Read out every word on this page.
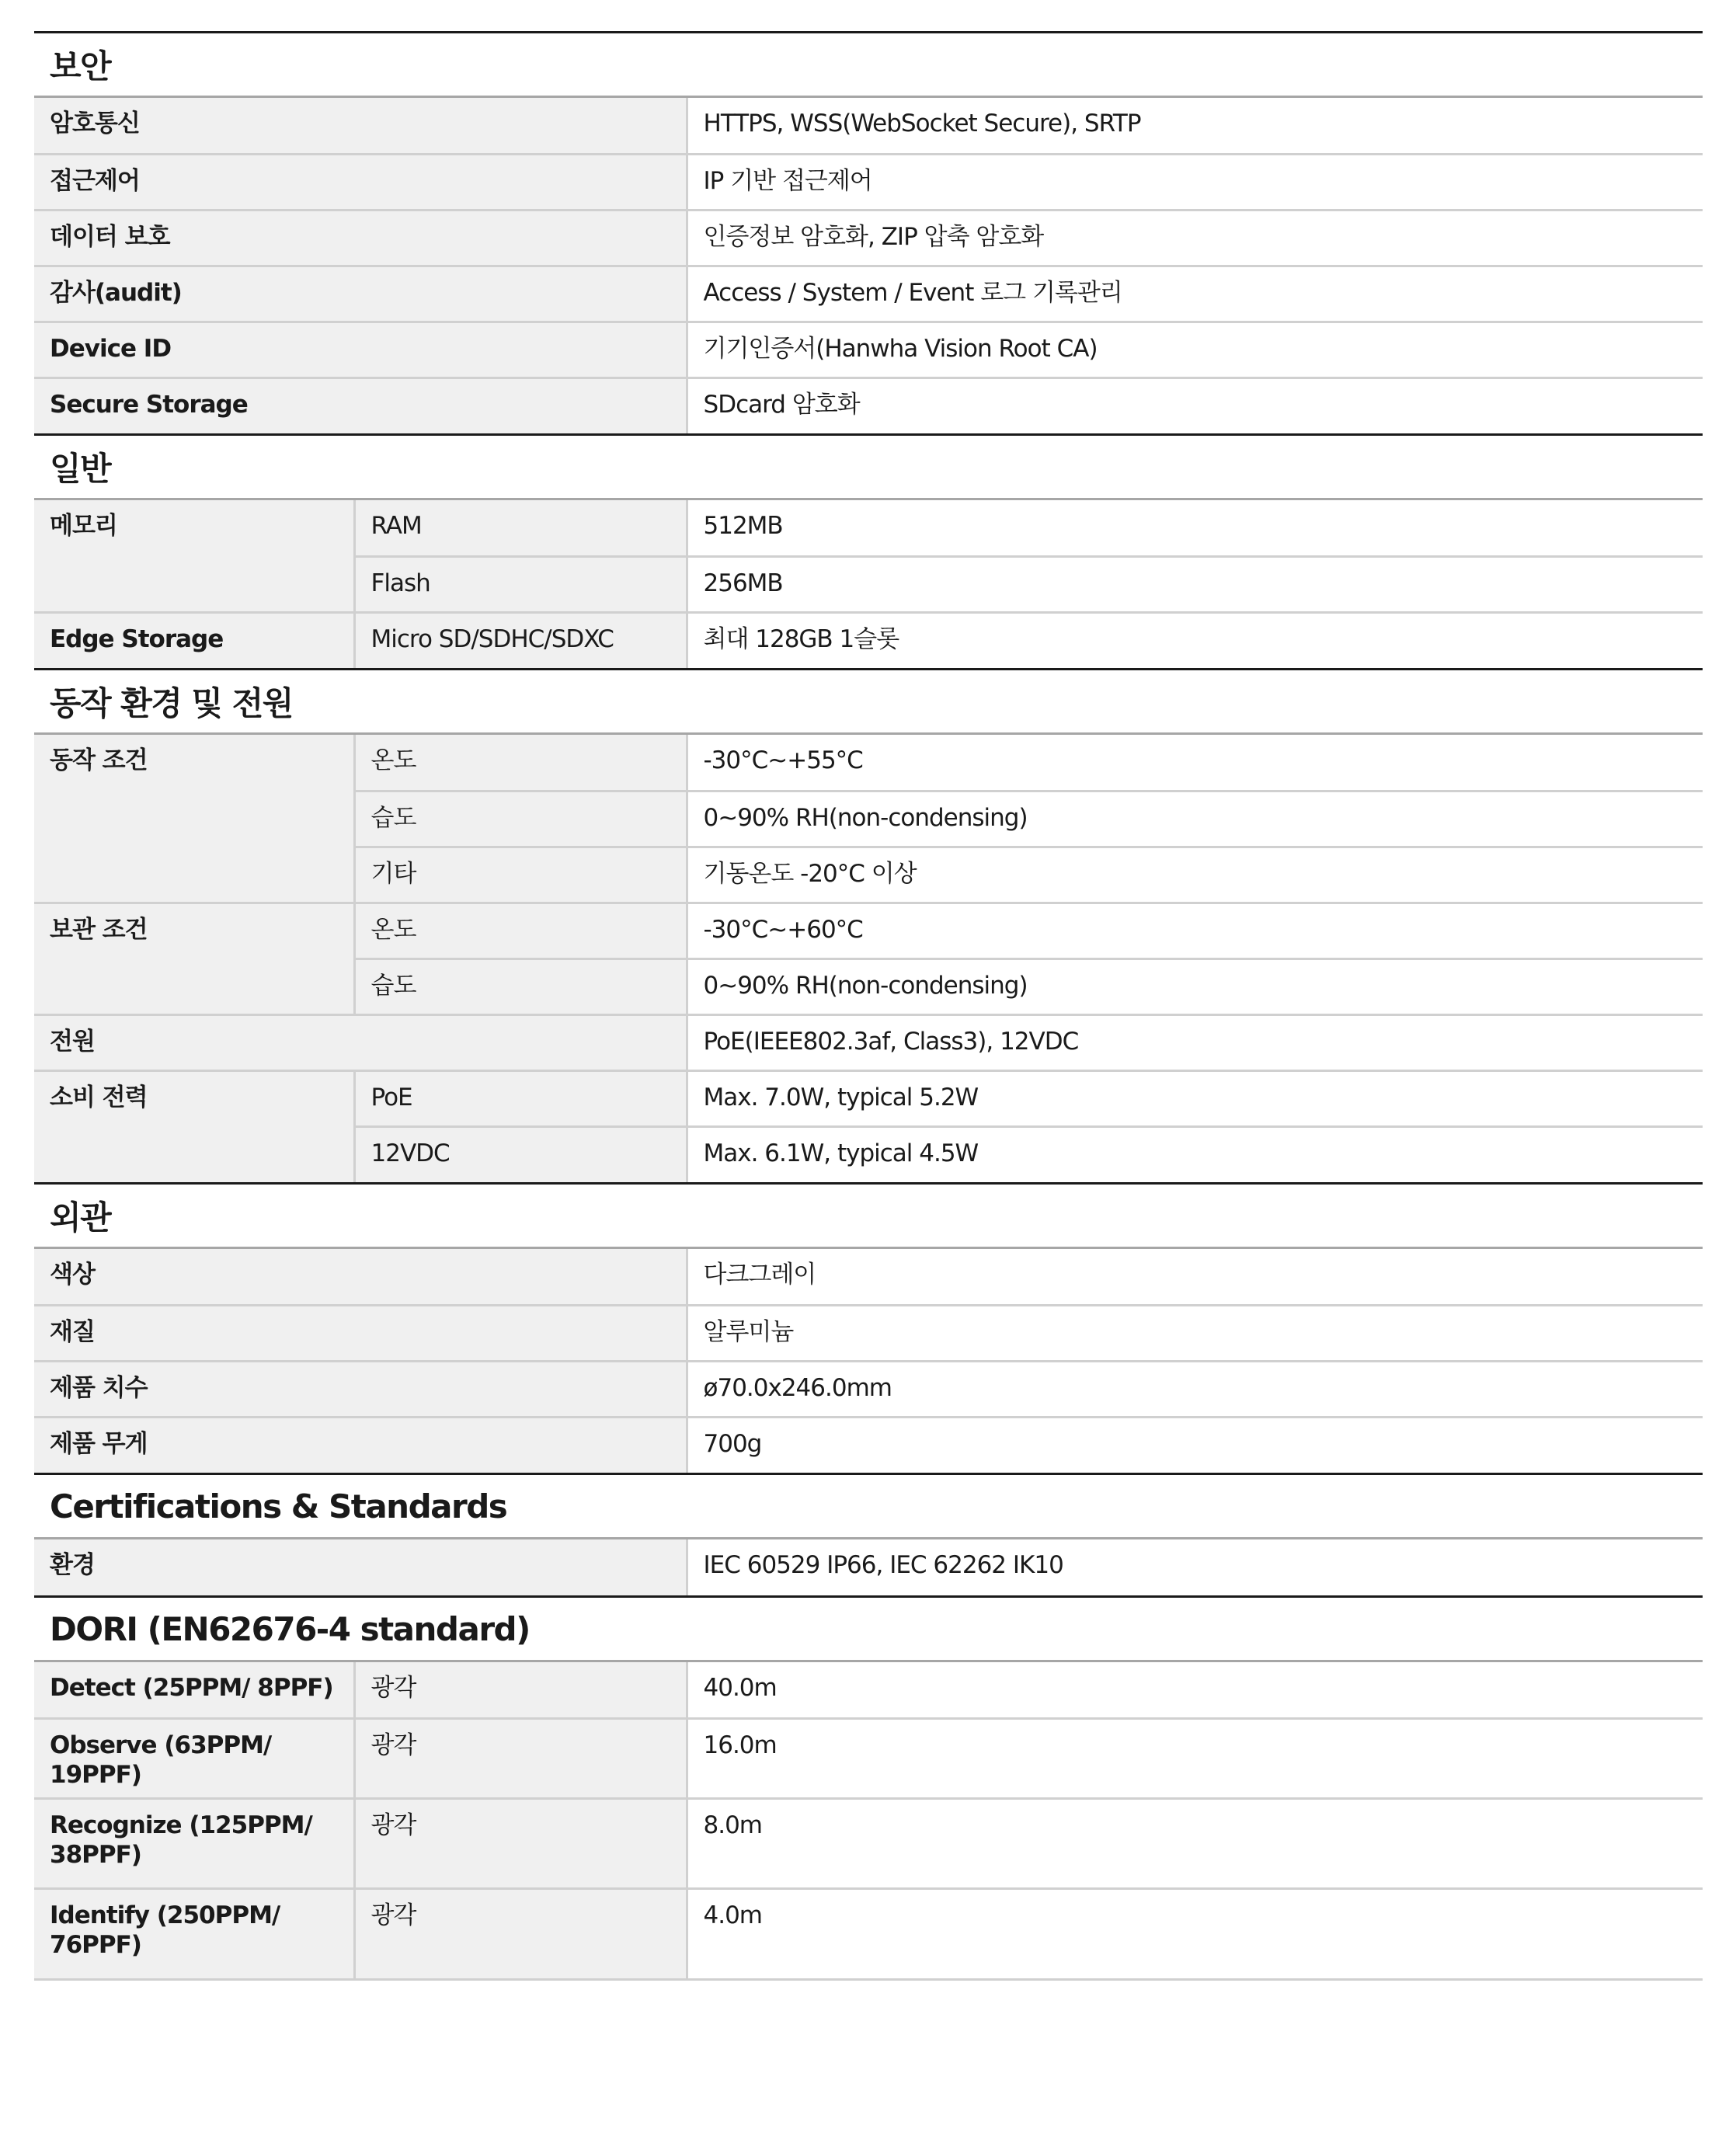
보안
암호통신	HTTPS, WSS(WebSocket Secure), SRTP
접근제어	IP 기반 접근제어
데이터 보호	인증정보 암호화, ZIP 압축 암호화
감사(audit)	Access / System / Event 로그 기록관리
Device ID	기기인증서(Hanwha Vision Root CA)
Secure Storage	SDcard 암호화
일반
메모리	RAM	512MB
	Flash	256MB
Edge Storage	Micro SD/SDHC/SDXC	최대 128GB 1슬롯
동작 환경 및 전원
동작 조건	온도	-30°C~+55°C
	습도	0~90% RH(non-condensing)
	기타	기동온도 -20°C 이상
보관 조건	온도	-30°C~+60°C
	습도	0~90% RH(non-condensing)
전원		PoE(IEEE802.3af, Class3), 12VDC
소비 전력	PoE	Max. 7.0W, typical 5.2W
	12VDC	Max. 6.1W, typical 4.5W
외관
색상	다크그레이
재질	알루미늄
제품 치수	ø70.0x246.0mm
제품 무게	700g
Certifications & Standards
환경	IEC 60529 IP66, IEC 62262 IK10
DORI (EN62676-4 standard)
Detect (25PPM/ 8PPF)	광각	40.0m
Observe (63PPM/ 19PPF)	광각	16.0m
Recognize (125PPM/ 38PPF)	광각	8.0m
Identify (250PPM/ 76PPF)	광각	4.0m
